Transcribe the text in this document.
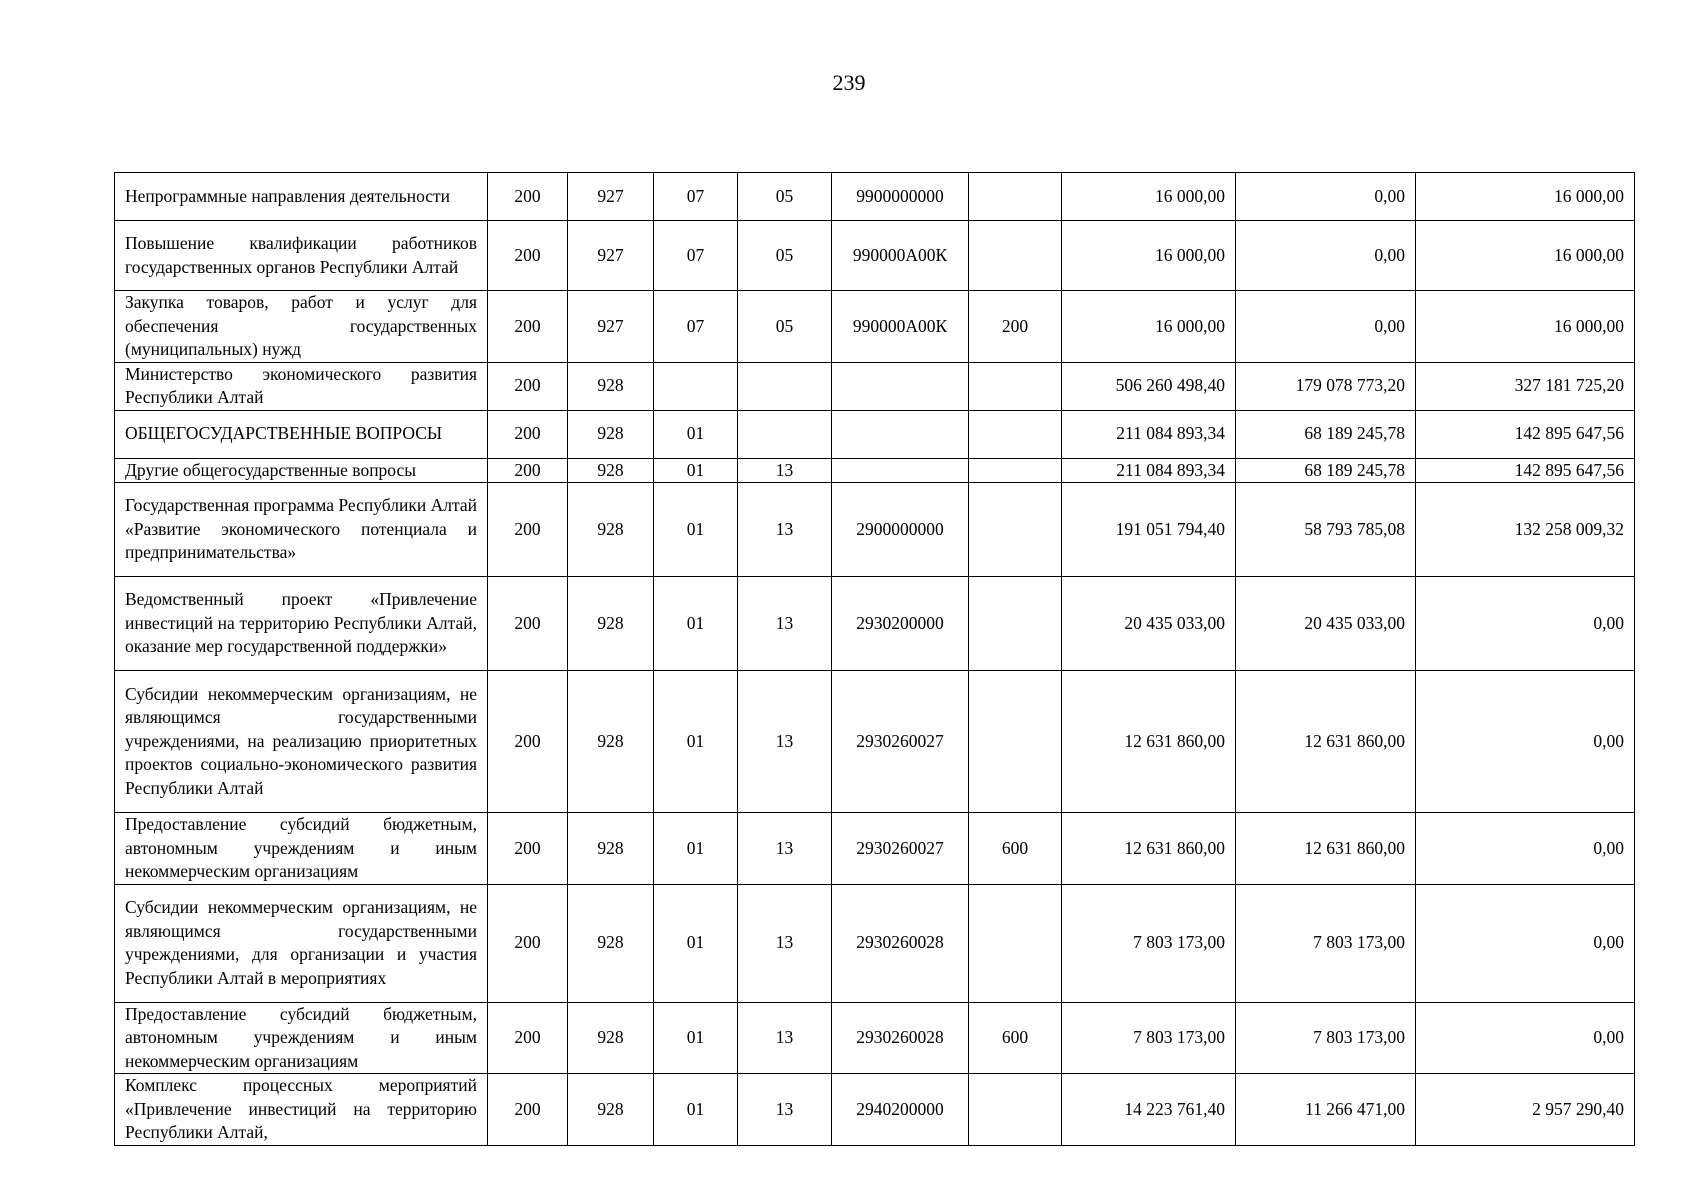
239
Непрограммные направления деятельности	200	927	07	05	9900000000		16 000,00	0,00	16 000,00
Повышение квалификации работников государственных органов Республики Алтай	200	927	07	05	990000А00К		16 000,00	0,00	16 000,00
Закупка товаров, работ и услуг для обеспечения государственных (муниципальных) нужд	200	927	07	05	990000А00К	200	16 000,00	0,00	16 000,00
Министерство экономического развития Республики Алтай	200	928					506 260 498,40	179 078 773,20	327 181 725,20
ОБЩЕГОСУДАРСТВЕННЫЕ ВОПРОСЫ	200	928	01				211 084 893,34	68 189 245,78	142 895 647,56
Другие общегосударственные вопросы	200	928	01	13			211 084 893,34	68 189 245,78	142 895 647,56
Государственная программа Республики Алтай «Развитие экономического потенциала и предпринимательства»	200	928	01	13	2900000000		191 051 794,40	58 793 785,08	132 258 009,32
Ведомственный проект «Привлечение инвестиций на территорию Республики Алтай, оказание мер государственной поддержки»	200	928	01	13	2930200000		20 435 033,00	20 435 033,00	0,00
Субсидии некоммерческим организациям, не являющимся государственными учреждениями, на реализацию приоритетных проектов социально-экономического развития Республики Алтай	200	928	01	13	2930260027		12 631 860,00	12 631 860,00	0,00
Предоставление субсидий бюджетным, автономным учреждениям и иным некоммерческим организациям	200	928	01	13	2930260027	600	12 631 860,00	12 631 860,00	0,00
Субсидии некоммерческим организациям, не являющимся государственными учреждениями, для организации и участия Республики Алтай в мероприятиях	200	928	01	13	2930260028		7 803 173,00	7 803 173,00	0,00
Предоставление субсидий бюджетным, автономным учреждениям и иным некоммерческим организациям	200	928	01	13	2930260028	600	7 803 173,00	7 803 173,00	0,00
Комплекс процессных мероприятий «Привлечение инвестиций на территорию Республики Алтай,	200	928	01	13	2940200000		14 223 761,40	11 266 471,00	2 957 290,40
